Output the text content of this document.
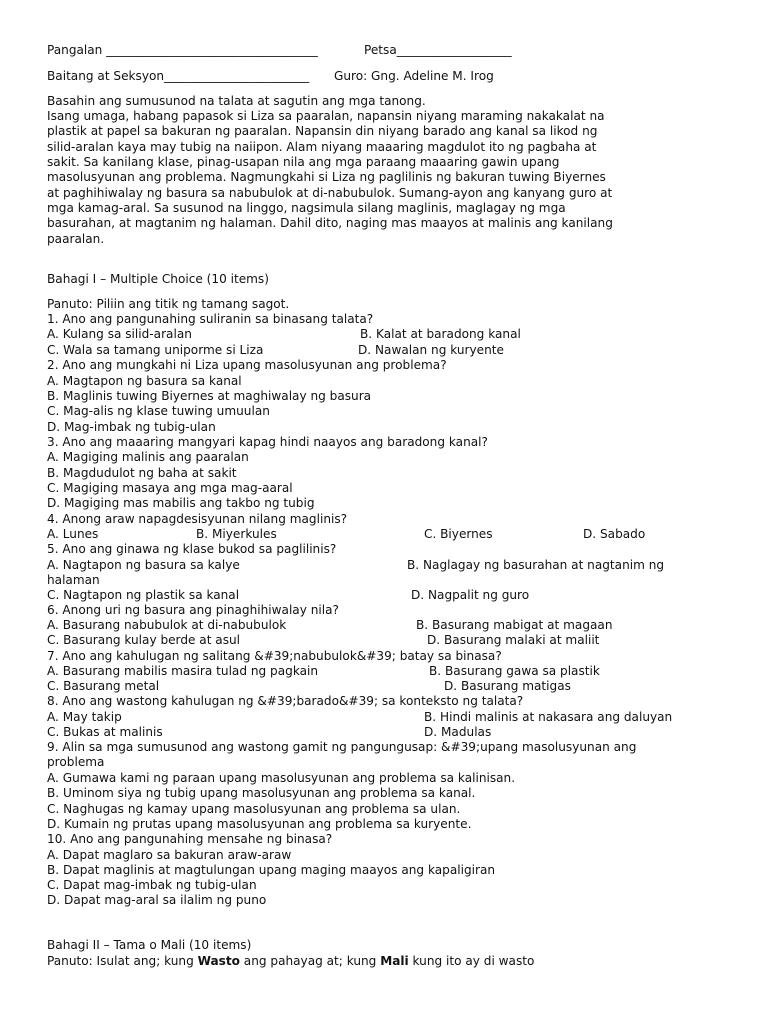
Pangalan ___________________________________	Petsa___________________
Baitang at Seksyon________________________ Guro: Gng. Adeline M. Irog
Basahin ang sumusunod na talata at sagutin ang mga tanong.
Isang umaga, habang papasok si Liza sa paaralan, napansin niyang maraming nakakalat na
plastik at papel sa bakuran ng paaralan. Napansin din niyang barado ang kanal sa likod ng
silid-aralan kaya may tubig na naiipon. Alam niyang maaaring magdulot ito ng pagbaha at
sakit. Sa kanilang klase, pinag-usapan nila ang mga paraang maaaring gawin upang
masolusyunan ang problema. Nagmungkahi si Liza ng paglilinis ng bakuran tuwing Biyernes
at paghihiwalay ng basura sa nabubulok at di-nabubulok. Sumang-ayon ang kanyang guro at
mga kamag-aral. Sa susunod na linggo, nagsimula silang maglinis, maglagay ng mga
basurahan, at magtanim ng halaman. Dahil dito, naging mas maayos at malinis ang kanilang
paaralan.
Bahagi I – Multiple Choice (10 items)
Panuto: Piliin ang titik ng tamang sagot.
1. Ano ang pangunahing suliranin sa binasang talata?
A. Kulang sa silid-aralan	B. Kalat at baradong kanal
C. Wala sa tamang uniporme si Liza	D. Nawalan ng kuryente
2. Ano ang mungkahi ni Liza upang masolusyunan ang problema?
A. Magtapon ng basura sa kanal
B. Maglinis tuwing Biyernes at maghiwalay ng basura
C. Mag-alis ng klase tuwing umuulan
D. Mag-imbak ng tubig-ulan
3. Ano ang maaaring mangyari kapag hindi naayos ang baradong kanal?
A. Magiging malinis ang paaralan
B. Magdudulot ng baha at sakit
C. Magiging masaya ang mga mag-aaral
D. Magiging mas mabilis ang takbo ng tubig
4. Anong araw napagdesisyunan nilang maglinis?
A. Lunes	B. Miyerkules	C. Biyernes	D. Sabado
5. Ano ang ginawa ng klase bukod sa paglilinis?
A. Nagtapon ng basura sa kalye	B. Naglagay ng basurahan at nagtanim ng
halaman
C. Nagtapon ng plastik sa kanal	D. Nagpalit ng guro
6. Anong uri ng basura ang pinaghihiwalay nila?
A. Basurang nabubulok at di-nabubulok	B. Basurang mabigat at magaan
C. Basurang kulay berde at asul	D. Basurang malaki at maliit
7. Ano ang kahulugan ng salitang &#39;nabubulok&#39; batay sa binasa?
A. Basurang mabilis masira tulad ng pagkain	B. Basurang gawa sa plastik
C. Basurang metal	D. Basurang matigas
8. Ano ang wastong kahulugan ng &#39;barado&#39; sa konteksto ng talata?
A. May takip	B. Hindi malinis at nakasara ang daluyan
C. Bukas at malinis	D. Madulas
9. Alin sa mga sumusunod ang wastong gamit ng pangungusap: &#39;upang masolusyunan ang
problema
A. Gumawa kami ng paraan upang masolusyunan ang problema sa kalinisan.
B. Uminom siya ng tubig upang masolusyunan ang problema sa kanal.
C. Naghugas ng kamay upang masolusyunan ang problema sa ulan.
D. Kumain ng prutas upang masolusyunan ang problema sa kuryente.
10. Ano ang pangunahing mensahe ng binasa?
A. Dapat maglaro sa bakuran araw-araw
B. Dapat maglinis at magtulungan upang maging maayos ang kapaligiran
C. Dapat mag-imbak ng tubig-ulan
D. Dapat mag-aral sa ilalim ng puno
Bahagi II – Tama o Mali (10 items)
Panuto: Isulat ang; kung Wasto ang pahayag at; kung Mali kung ito ay di wasto
